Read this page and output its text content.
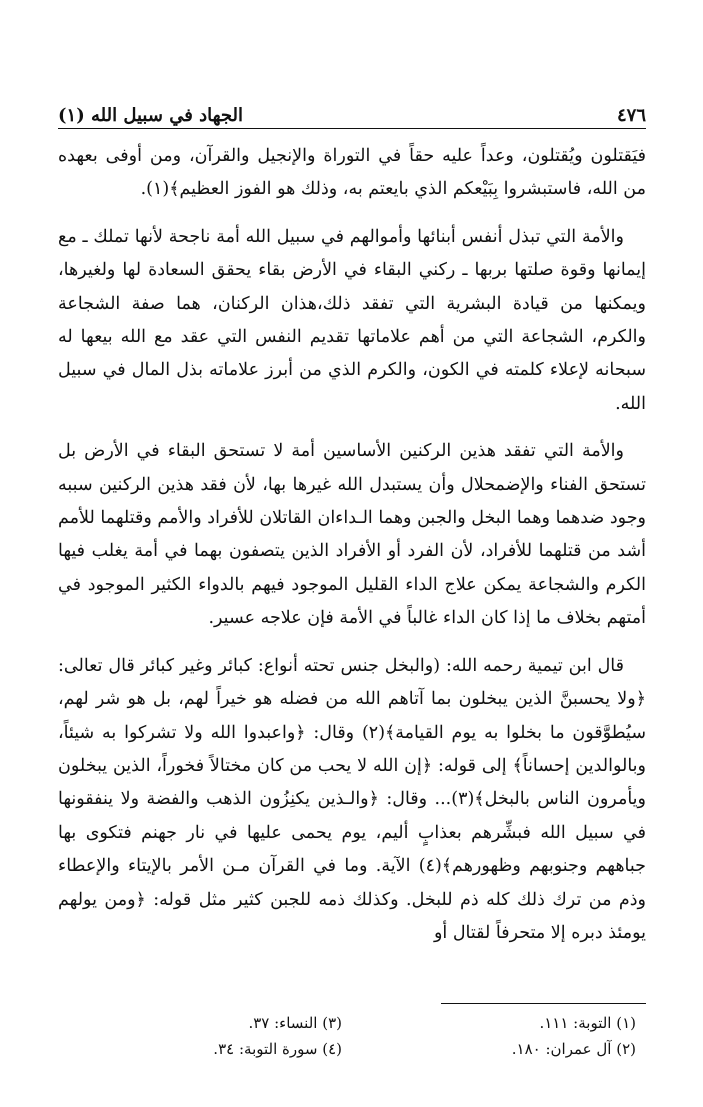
٤٧٦
الجهاد في سبيل الله (١)

فيَقتلون ويُقتلون، وعداً عليه حقاً في التوراة والإنجيل والقرآن، ومن أوفى بعهده من الله، فاستبشروا بِبَيْعكم الذي بايعتم به، وذلك هو الفوز العظيم﴾(١).

والأمة التي تبذل أنفس أبنائها وأموالهم في سبيل الله أمة ناجحة لأنها تملك ـ مع إيمانها وقوة صلتها بربها ـ ركني البقاء في الأرض بقاء يحقق السعادة لها ولغيرها، ويمكنها من قيادة البشرية التي تفقد ذلك،هذان الركنان، هما صفة الشجاعة والكرم، الشجاعة التي من أهم علاماتها تقديم النفس التي عقد مع الله بيعها له سبحانه لإعلاء كلمته في الكون، والكرم الذي من أبرز علاماته بذل المال في سبيل الله.

والأمة التي تفقد هذين الركنين الأساسين أمة لا تستحق البقاء في الأرض بل تستحق الفناء والإضمحلال وأن يستبدل الله غيرها بها، لأن فقد هذين الركنين سببه وجود ضدهما وهما البخل والجبن وهما الـداءان القاتلان للأفراد والأمم وقتلهما للأمم أشد من قتلهما للأفراد، لأن الفرد أو الأفراد الذين يتصفون بهما في أمة يغلب فيها الكرم والشجاعة يمكن علاج الداء القليل الموجود فيهم بالدواء الكثير الموجود في أمتهم بخلاف ما إذا كان الداء غالباً في الأمة فإن علاجه عسير.

قال ابن تيمية رحمه الله: (والبخل جنس تحته أنواع: كبائر وغير كبائر قال تعالى: ﴿ولا يحسبنَّ الذين يبخلون بما آتاهم الله من فضله هو خيراً لهم، بل هو شر لهم، سيُطوَّقون ما بخلوا به يوم القيامة﴾(٢) وقال: ﴿واعبدوا الله ولا تشركوا به شيئاً، وبالوالدين إحساناً﴾ إلى قوله: ﴿إن الله لا يحب من كان مختالاً فخوراً، الذين يبخلون ويأمرون الناس بالبخل﴾(٣)... وقال: ﴿والـذين يكنِزُون الذهب والفضة ولا ينفقونها في سبيل الله فبشِّرهم بعذابٍ أليم، يوم يحمى عليها في نار جهنم فتكوى بها جباههم وجنوبهم وظهورهم﴾(٤) الآية. وما في القرآن مـن الأمر بالإيتاء والإعطاء وذم من ترك ذلك كله ذم للبخل. وكذلك ذمه للجبن كثير مثل قوله: ﴿ومن يولهم يومئذ دبره إلا متحرفاً لقتال أو

(١) التوبة: ١١١.
(٣) النساء: ٣٧.
(٢) آل عمران: ١٨٠.
(٤) سورة التوبة: ٣٤.
